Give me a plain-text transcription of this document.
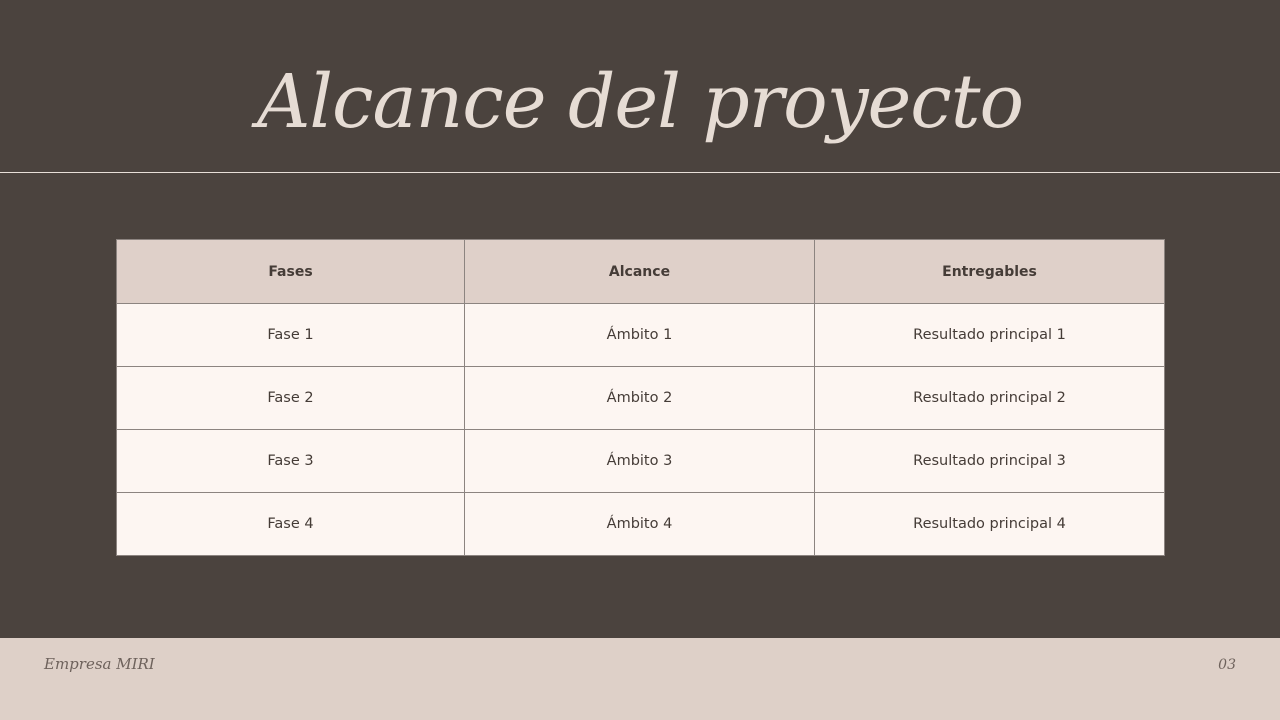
Alcance del proyecto
Fases	Alcance	Entregables
Fase 1	Ámbito 1	Resultado principal 1
Fase 2	Ámbito 2	Resultado principal 2
Fase 3	Ámbito 3	Resultado principal 3
Fase 4	Ámbito 4	Resultado principal 4
Empresa MIRI	03
